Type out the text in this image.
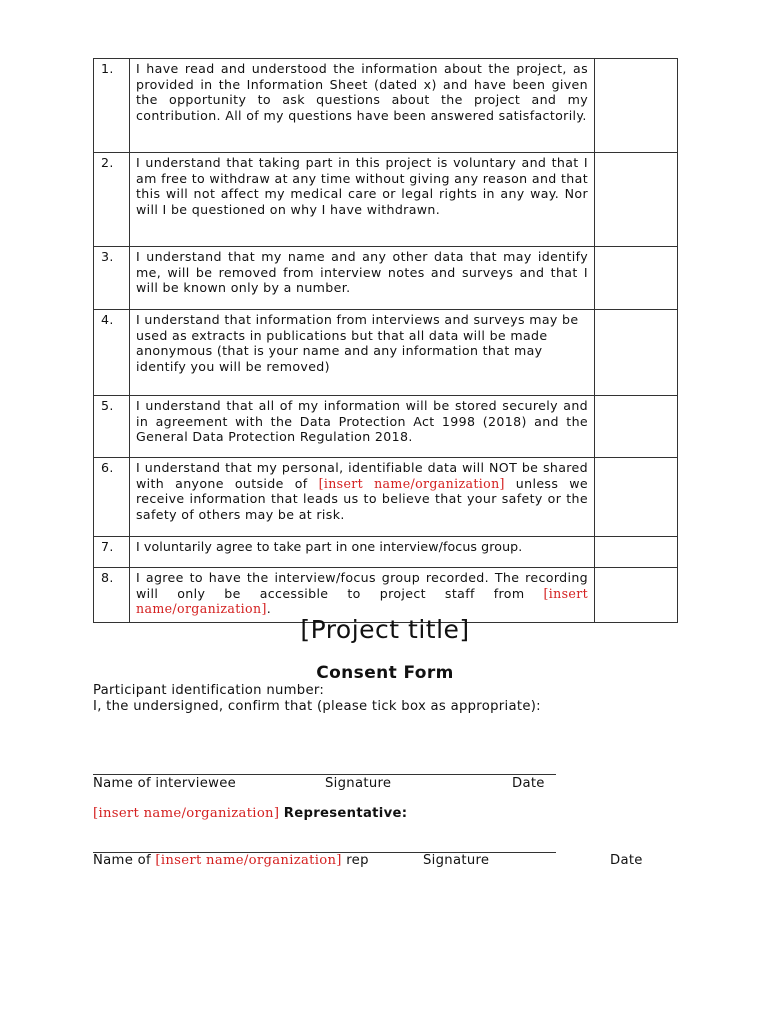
1.	I have read and understood the information about the project, as provided in the Information Sheet (dated x) and have been given the opportunity to ask questions about the project and my contribution. All of my questions have been answered satisfactorily.	
2.	I understand that taking part in this project is voluntary and that I am free to withdraw at any time without giving any reason and that this will not affect my medical care or legal rights in any way. Nor will I be questioned on why I have withdrawn.	
3.	I understand that my name and any other data that may identify me, will be removed from interview notes and surveys and that I will be known only by a number.	
4.	I understand that information from interviews and surveys may be used as extracts in publications but that all data will be made anonymous (that is your name and any information that may identify you will be removed)	
5.	I understand that all of my information will be stored securely and in agreement with the Data Protection Act 1998 (2018) and the General Data Protection Regulation 2018.	
6.	I understand that my personal, identifiable data will NOT be shared with anyone outside of [insert name/organization] unless we receive information that leads us to believe that your safety or the safety of others may be at risk.	
7.	I voluntarily agree to take part in one interview/focus group.	
8.	I agree to have the interview/focus group recorded. The recording will only be accessible to project staff from [insert name/organization].	
[Project title]
Consent Form
Participant identification number:
I, the undersigned, confirm that (please tick box as appropriate):
Name of interviewee	Signature	Date
[insert name/organization] Representative:
Name of [insert name/organization] rep	Signature	Date
